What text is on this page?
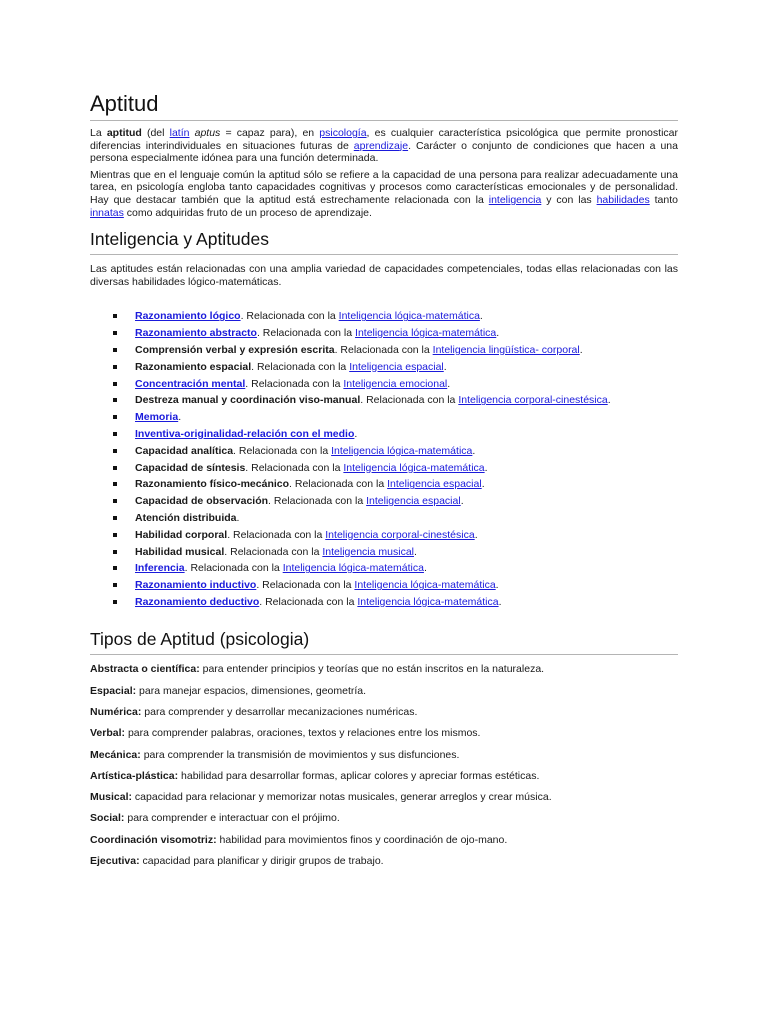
Aptitud

La aptitud (del latín aptus = capaz para), en psicología, es cualquier característica psicológica que permite pronosticar diferencias interindividuales en situaciones futuras de aprendizaje. Carácter o conjunto de condiciones que hacen a una persona especialmente idónea para una función determinada.

Mientras que en el lenguaje común la aptitud sólo se refiere a la capacidad de una persona para realizar adecuadamente una tarea, en psicología engloba tanto capacidades cognitivas y procesos como características emocionales y de personalidad. Hay que destacar también que la aptitud está estrechamente relacionada con la inteligencia y con las habilidades tanto innatas como adquiridas fruto de un proceso de aprendizaje.

Inteligencia y Aptitudes

Las aptitudes están relacionadas con una amplia variedad de capacidades competenciales, todas ellas relacionadas con las diversas habilidades lógico-matemáticas.

Razonamiento lógico. Relacionada con la Inteligencia lógica-matemática.
Razonamiento abstracto. Relacionada con la Inteligencia lógica-matemática.
Comprensión verbal y expresión escrita. Relacionada con la Inteligencia lingüística- corporal.
Razonamiento espacial. Relacionada con la Inteligencia espacial.
Concentración mental. Relacionada con la Inteligencia emocional.
Destreza manual y coordinación viso-manual. Relacionada con la Inteligencia corporal-cinestésica.
Memoria.
Inventiva-originalidad-relación con el medio.
Capacidad analítica. Relacionada con la Inteligencia lógica-matemática.
Capacidad de síntesis. Relacionada con la Inteligencia lógica-matemática.
Razonamiento físico-mecánico. Relacionada con la Inteligencia espacial.
Capacidad de observación. Relacionada con la Inteligencia espacial.
Atención distribuida.
Habilidad corporal. Relacionada con la Inteligencia corporal-cinestésica.
Habilidad musical. Relacionada con la Inteligencia musical.
Inferencia. Relacionada con la Inteligencia lógica-matemática.
Razonamiento inductivo. Relacionada con la Inteligencia lógica-matemática.
Razonamiento deductivo. Relacionada con la Inteligencia lógica-matemática.
Tipos de Aptitud (psicologia)

Abstracta o científica: para entender principios y teorías que no están inscritos en la naturaleza.

Espacial: para manejar espacios, dimensiones, geometría.

Numérica: para comprender y desarrollar mecanizaciones numéricas.

Verbal: para comprender palabras, oraciones, textos y relaciones entre los mismos.

Mecánica: para comprender la transmisión de movimientos y sus disfunciones.

Artística-plástica: habilidad para desarrollar formas, aplicar colores y apreciar formas estéticas.

Musical: capacidad para relacionar y memorizar notas musicales, generar arreglos y crear música.

Social: para comprender e interactuar con el prójimo.

Coordinación visomotriz: habilidad para movimientos finos y coordinación de ojo-mano.

Ejecutiva: capacidad para planificar y dirigir grupos de trabajo.
